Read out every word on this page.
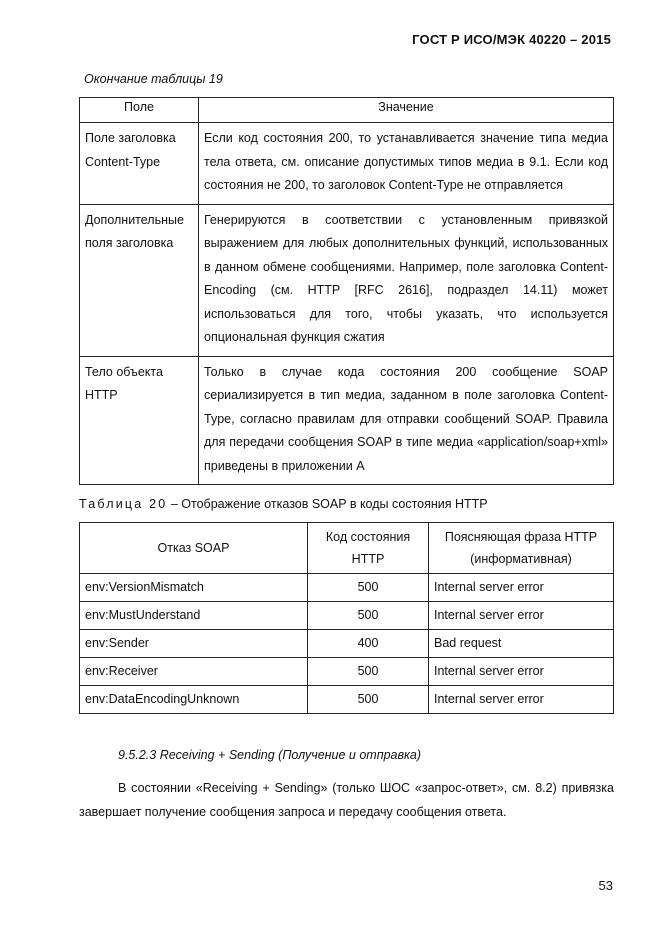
ГОСТ Р ИСО/МЭК 40220 – 2015
Окончание таблицы 19
Поле	Значение
Поле заголовка Content-Type	Если код состояния 200, то устанавливается значение типа медиа тела ответа, см. описание допустимых типов медиа в 9.1. Если код состояния не 200, то заголовок Content-Type не отправляется
Дополнительные поля заголовка	Генерируются в соответствии с установленным привязкой выражением для любых дополнительных функций, использованных в данном обмене сообщениями. Например, поле заголовка Content-Encoding (см. HTTP [RFC 2616], подраздел 14.11) может использоваться для того, чтобы указать, что используется опциональная функция сжатия
Тело объекта HTTP	Только в случае кода состояния 200 сообщение SOAP сериализируется в тип медиа, заданном в поле заголовка Content-Type, согласно правилам для отправки сообщений SOAP. Правила для передачи сообщения SOAP в типе медиа «application/soap+xml» приведены в приложении А
Таблица 20 – Отображение отказов SOAP в коды состояния HTTP
Отказ SOAP	Код состояния HTTP	Поясняющая фраза HTTP (информативная)
env:VersionMismatch	500	Internal server error
env:MustUnderstand	500	Internal server error
env:Sender	400	Bad request
env:Receiver	500	Internal server error
env:DataEncodingUnknown	500	Internal server error
9.5.2.3 Receiving + Sending (Получение и отправка)
В состоянии «Receiving + Sending» (только ШОС «запрос-ответ», см. 8.2) привязка завершает получение сообщения запроса и передачу сообщения ответа.
53
